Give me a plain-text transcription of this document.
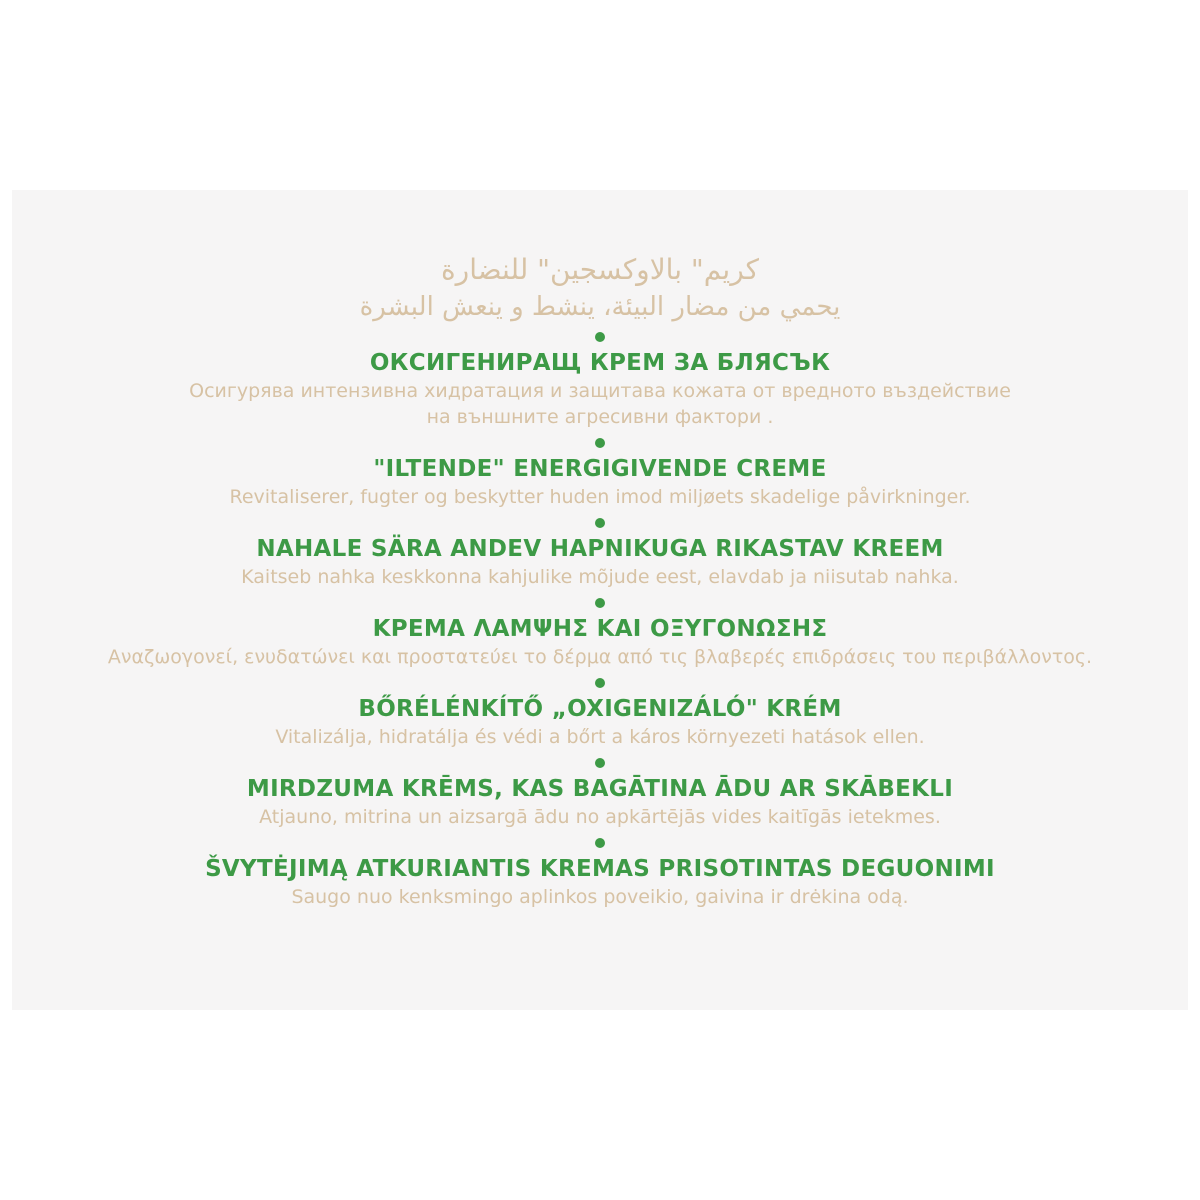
كريم" بالاوكسجين" للنضارة
يحمي من مضار البيئة، ينشط و ينعش البشرة
ОКСИГЕНИРАЩ КРЕМ ЗА БЛЯСЪК
Осигурява интензивна хидратация и защитава кожата от вредното въздействие
на външните агресивни фактори .
"ILTENDE" ENERGIGIVENDE CREME
Revitaliserer, fugter og beskytter huden imod miljøets skadelige påvirkninger.
NAHALE SÄRA ANDEV HAPNIKUGA RIKASTAV KREEM
Kaitseb nahka keskkonna kahjulike mõjude eest, elavdab ja niisutab nahka.
ΚΡΕΜΑ ΛΑΜΨΗΣ ΚΑΙ ΟΞΥΓΟΝΩΣΗΣ
Αναζωογονεί, ενυδατώνει και προστατεύει το δέρμα από τις βλαβερές επιδράσεις του περιβάλλοντος.
BŐRÉLÉNKÍTŐ „OXIGENIZÁLÓ" KRÉM
Vitalizálja, hidratálja és védi a bőrt a káros környezeti hatások ellen.
MIRDZUMA KRĒMS, KAS BAGĀTINA ĀDU AR SKĀBEKLI
Atjauno, mitrina un aizsargā ādu no apkārtējās vides kaitīgās ietekmes.
ŠVYTĖJIMĄ ATKURIANTIS KREMAS PRISOTINTAS DEGUONIMI
Saugo nuo kenksmingo aplinkos poveikio, gaivina ir drėkina odą.
